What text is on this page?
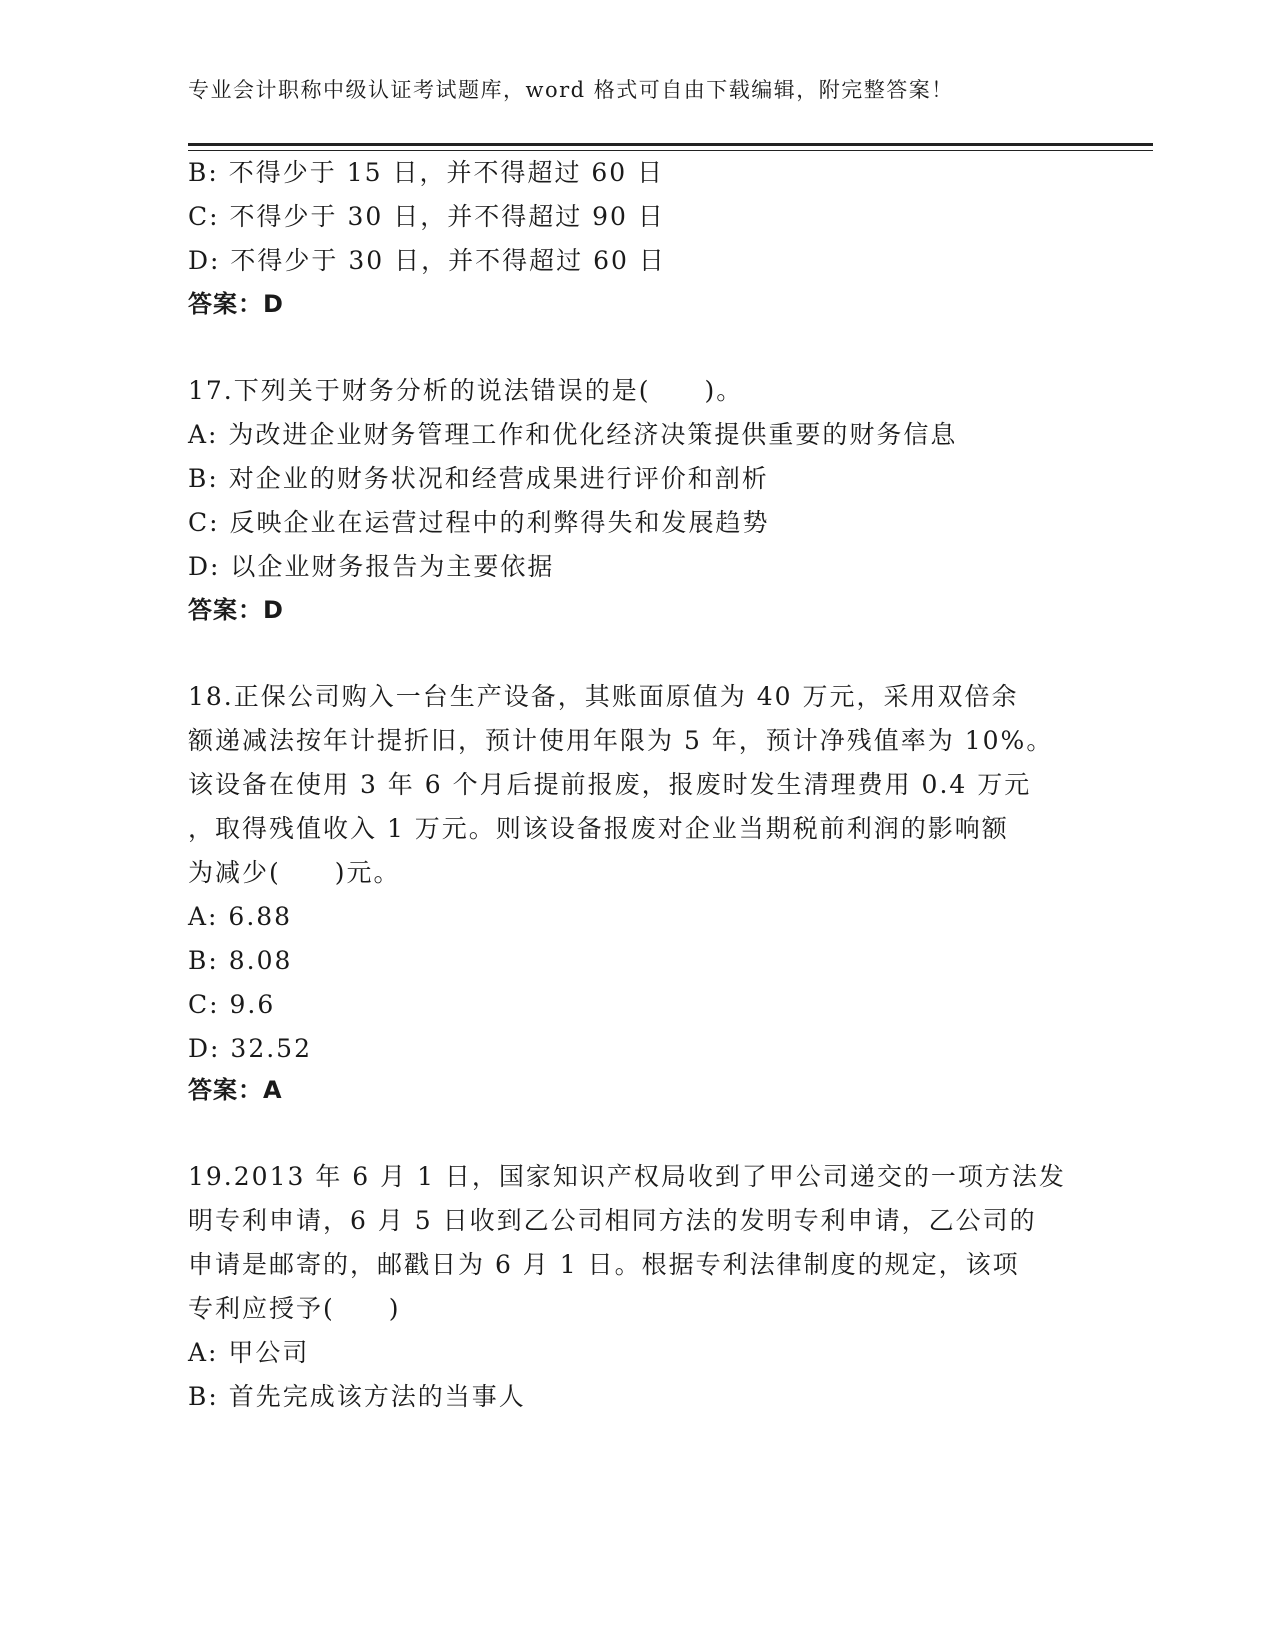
专业会计职称中级认证考试题库，word 格式可自由下载编辑，附完整答案！
B: 不得少于 15 日，并不得超过 60 日
C: 不得少于 30 日，并不得超过 90 日
D: 不得少于 30 日，并不得超过 60 日
答案：D
17.下列关于财务分析的说法错误的是(　　)。
A: 为改进企业财务管理工作和优化经济决策提供重要的财务信息
B: 对企业的财务状况和经营成果进行评价和剖析
C: 反映企业在运营过程中的利弊得失和发展趋势
D: 以企业财务报告为主要依据
答案：D
18.正保公司购入一台生产设备，其账面原值为 40 万元，采用双倍余
额递减法按年计提折旧，预计使用年限为 5 年，预计净残值率为 10%。
该设备在使用 3 年 6 个月后提前报废，报废时发生清理费用 0.4 万元
，取得残值收入 1 万元。则该设备报废对企业当期税前利润的影响额
为减少(　　)元。
A: 6.88
B: 8.08
C: 9.6
D: 32.52
答案：A
19.2013 年 6 月 1 日，国家知识产权局收到了甲公司递交的一项方法发
明专利申请，6 月 5 日收到乙公司相同方法的发明专利申请，乙公司的
申请是邮寄的，邮戳日为 6 月 1 日。根据专利法律制度的规定，该项
专利应授予(　　)
A: 甲公司
B: 首先完成该方法的当事人
